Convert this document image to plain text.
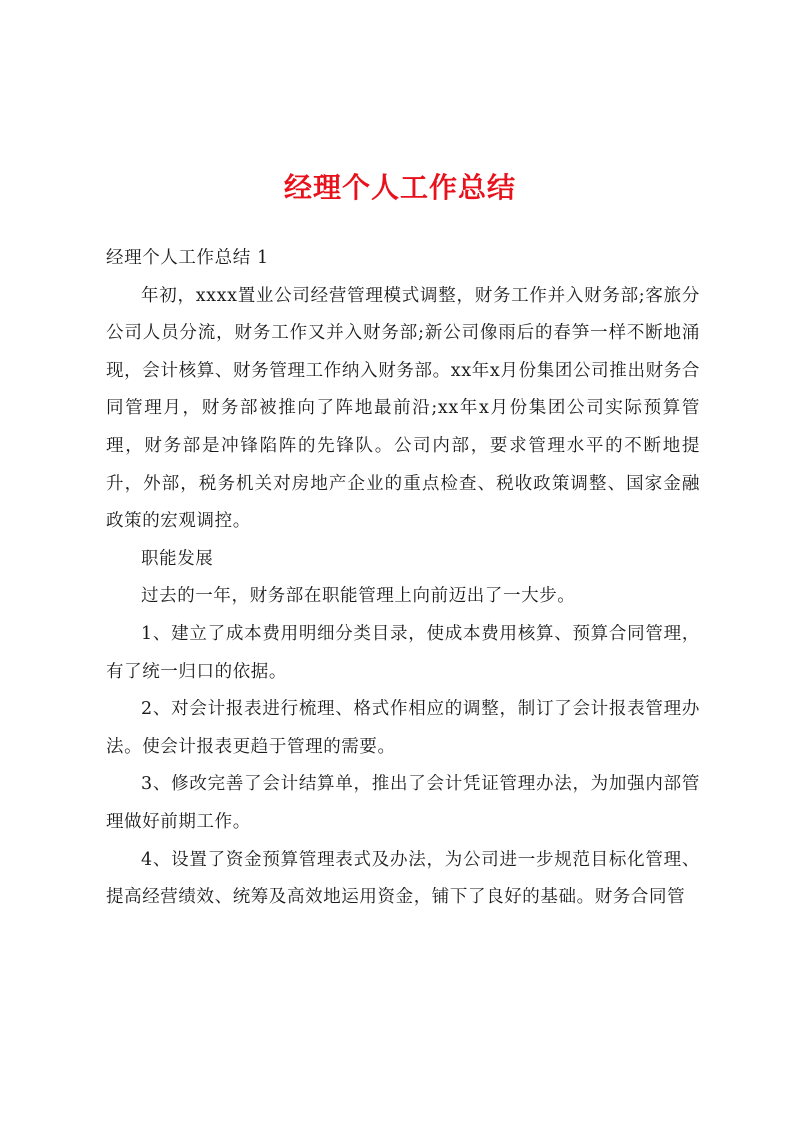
经理个人工作总结

经理个人工作总结 1

年初，xxxx置业公司经营管理模式调整，财务工作并入财务部;客旅分公司人员分流，财务工作又并入财务部;新公司像雨后的春笋一样不断地涌现，会计核算、财务管理工作纳入财务部。xx年x月份集团公司推出财务合同管理月，财务部被推向了阵地最前沿;xx年x月份集团公司实际预算管理，财务部是冲锋陷阵的先锋队。公司内部，要求管理水平的不断地提升，外部，税务机关对房地产企业的重点检查、税收政策调整、国家金融政策的宏观调控。

职能发展

过去的一年，财务部在职能管理上向前迈出了一大步。

1、建立了成本费用明细分类目录，使成本费用核算、预算合同管理，有了统一归口的依据。

2、对会计报表进行梳理、格式作相应的调整，制订了会计报表管理办法。使会计报表更趋于管理的需要。

3、修改完善了会计结算单，推出了会计凭证管理办法，为加强内部管理做好前期工作。

4、设置了资金预算管理表式及办法，为公司进一步规范目标化管理、提高经营绩效、统筹及高效地运用资金，铺下了良好的基础。财务合同管
